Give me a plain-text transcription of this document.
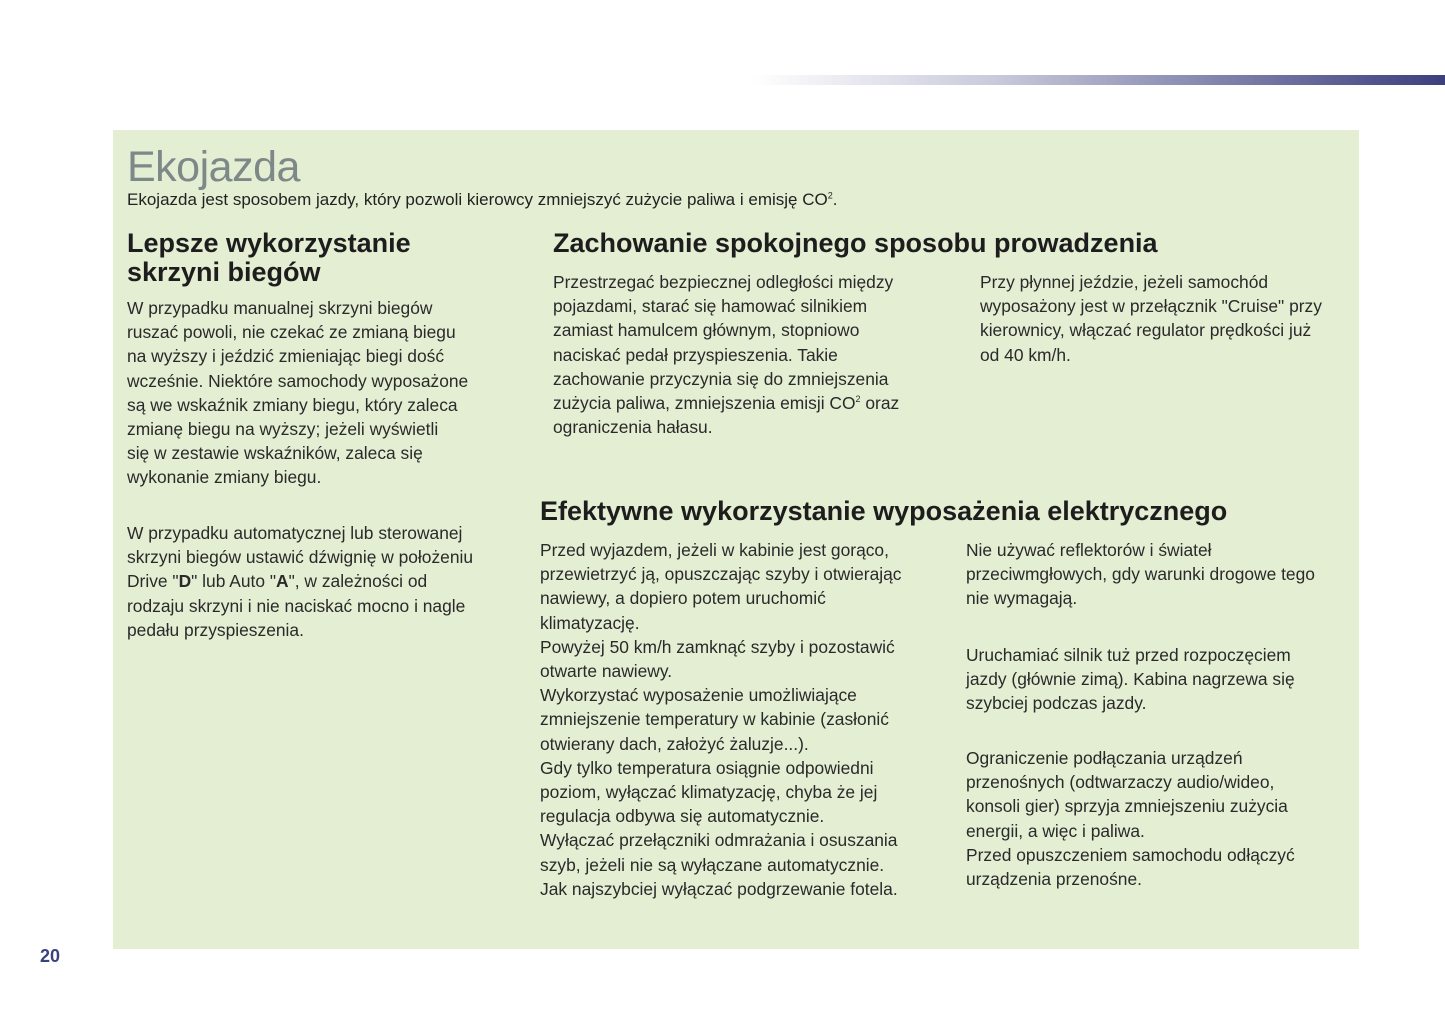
Ekojazda

Ekojazda jest sposobem jazdy, który pozwoli kierowcy zmniejszyć zużycie paliwa i emisję $CO^2$.

Lepsze wykorzystanie
skrzyni biegów

W przypadku manualnej skrzyni biegów
ruszać powoli, nie czekać ze zmianą biegu
na wyższy i jeździć zmieniając biegi dość
wcześnie. Niektóre samochody wyposażone
są we wskaźnik zmiany biegu, który zaleca
zmianę biegu na wyższy; jeżeli wyświetli
się w zestawie wskaźników, zaleca się
wykonanie zmiany biegu.

W przypadku automatycznej lub sterowanej
skrzyni biegów ustawić dźwignię w położeniu
Drive "D" lub Auto "A", w zależności od
rodzaju skrzyni i nie naciskać mocno i nagle
pedału przyspieszenia.

Zachowanie spokojnego sposobu prowadzenia

Przestrzegać bezpiecznej odległości między
pojazdami, starać się hamować silnikiem
zamiast hamulcem głównym, stopniowo
naciskać pedał przyspieszenia. Takie
zachowanie przyczynia się do zmniejszenia
zużycia paliwa, zmniejszenia emisji $CO^2$ oraz
ograniczenia hałasu.

Przy płynnej jeździe, jeżeli samochód
wyposażony jest w przełącznik "Cruise" przy
kierownicy, włączać regulator prędkości już
od 40 km/h.

Efektywne wykorzystanie wyposażenia elektrycznego

Przed wyjazdem, jeżeli w kabinie jest gorąco,
przewietrzyć ją, opuszczając szyby i otwierając
nawiewy, a dopiero potem uruchomić
klimatyzację.
Powyżej 50 km/h zamknąć szyby i pozostawić
otwarte nawiewy.
Wykorzystać wyposażenie umożliwiające
zmniejszenie temperatury w kabinie (zasłonić
otwierany dach, założyć żaluzje...).
Gdy tylko temperatura osiągnie odpowiedni
poziom, wyłączać klimatyzację, chyba że jej
regulacja odbywa się automatycznie.
Wyłączać przełączniki odmrażania i osuszania
szyb, jeżeli nie są wyłączane automatycznie.
Jak najszybciej wyłączać podgrzewanie fotela.

Nie używać reflektorów i świateł
przeciwmgłowych, gdy warunki drogowe tego
nie wymagają.

Uruchamiać silnik tuż przed rozpoczęciem
jazdy (głównie zimą). Kabina nagrzewa się
szybciej podczas jazdy.

Ograniczenie podłączania urządzeń
przenośnych (odtwarzaczy audio/wideo,
konsoli gier) sprzyja zmniejszeniu zużycia
energii, a więc i paliwa.
Przed opuszczeniem samochodu odłączyć
urządzenia przenośne.

20
